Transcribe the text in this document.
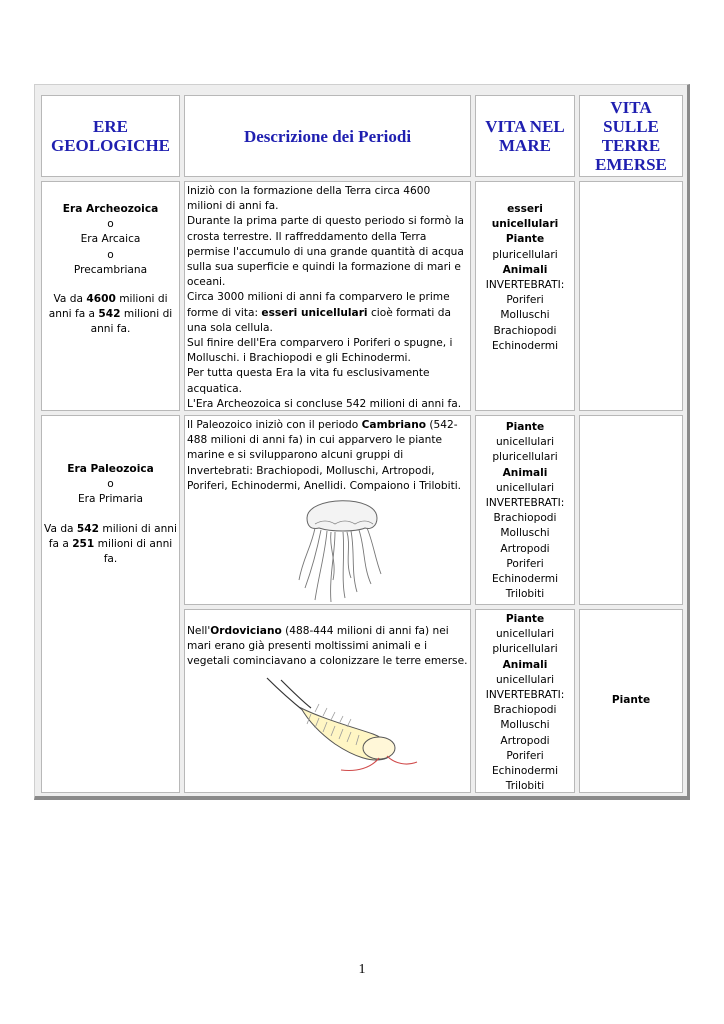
ERE GEOLOGICHE	Descrizione dei Periodi	VITA NEL MARE
VITA SULLE TERRE EMERSE
Era Archeozoica
o
Era Arcaica
o
Precambriana
Va da 4600 milioni di anni fa a 542 milioni di anni fa.
Iniziò con la formazione della Terra circa 4600 milioni di anni fa.
Durante la prima parte di questo periodo si formò la crosta terrestre. Il raffreddamento della Terra permise l'accumulo di una grande quantità di acqua sulla sua superficie e quindi la formazione di mari e oceani.
Circa 3000 milioni di anni fa comparvero le prime forme di vita: esseri unicellulari cioè formati da una sola cellula.
Sul finire dell'Era comparvero i Poriferi o spugne, i Molluschi. i Brachiopodi e gli Echinodermi.
Per tutta questa Era la vita fu esclusivamente acquatica.
L'Era Archeozoica si concluse 542 milioni di anni fa.
esseri unicellulari
Piante
pluricellulari
Animali
INVERTEBRATI:
Poriferi
Molluschi
Brachiopodi
Echinodermi
Era Paleozoica
o
Era Primaria
Va da 542 milioni di anni fa a 251 milioni di anni fa.
Il Paleozoico iniziò con il periodo Cambriano (542-488 milioni di anni fa) in cui apparvero le piante marine e si svilupparono alcuni gruppi di Invertebrati: Brachiopodi, Molluschi, Artropodi, Poriferi, Echinodermi, Anellidi. Compaiono i Trilobiti.
Piante
unicellulari
pluricellulari
Animali
unicellulari
INVERTEBRATI:
Brachiopodi
Molluschi
Artropodi
Poriferi
Echinodermi
Trilobiti
Nell'Ordoviciano (488-444 milioni di anni fa) nei mari erano già presenti moltissimi animali e i vegetali cominciavano a colonizzare le terre emerse.
Piante
unicellulari
pluricellulari
Animali
unicellulari
INVERTEBRATI:
Brachiopodi
Molluschi
Artropodi
Poriferi
Echinodermi
Trilobiti
Piante
1
